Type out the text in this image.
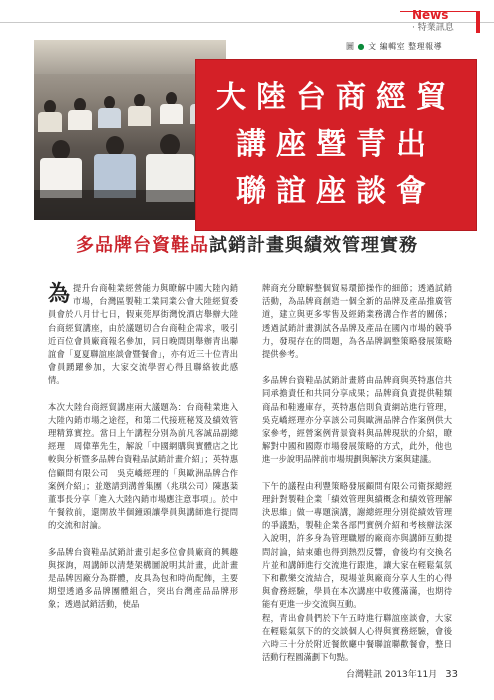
News
‧ 特業訊息
圖 ● 文 編輯室 整理報導
大陸台商經貿
講座暨青出
聯誼座談會
多品牌台資鞋品試銷計畫與績效管理實務

為提升台商鞋業經營能力與瞭解中國大陸內銷市場，台灣區製鞋工業同業公會大陸經貿委員會於八月廿七日，假東莞厚街灣悅酒店舉辦大陸台商經貿講座，由於議題切合台商鞋企需求，吸引近百位會員廠商報名參加，同日晚間則舉辦青出聯誼會「夏夏聯誼座談會暨餐會」，亦有近三十位青出會員踴躍參加，大家交流學習心得且聯絡彼此感情。

本次大陸台商經貿講座兩大議題為：台商鞋業進入大陸內銷市場之途徑，和第二代接班秘笈及績效管理精算實控。當日上午講程分別為前凡客誠品副總經理　周偉華先生，解說「中國網購與實體店之比較與分析暨多品牌台資鞋品試銷計畫介紹」；英特惠信顧問有限公司　吳克嶠經理的「與歐洲品牌合作案例介紹」；並邀請到溝普集團（兆琪公司）陳惠棻董事長分享「進入大陸內銷市場應注意事項」。於中午餐敘前，還開放半個鐘頭讓學員與講師進行提問的交流和討論。

多品牌台資鞋品試銷計畫引起多位會員廠商的興趣與探詢，周講師以清楚架構圖說明其計畫，此計畫是品牌因廠分為群體，皮具為包和時尚配飾，主要期望透過多品牌團體組合，突出台灣產品品牌形象；透過試銷活動，使品

牌商充分瞭解整個貿易環節操作的細節；透過試銷活動，為品牌商創造一個全新的品牌及產品推廣管道，建立與更多零售及經銷業務溝合作者的關係；透過試銷計畫測試各品牌及產品在國內市場的競爭力，發現存在的問題，為各品牌調整策略發展策略提供參考。

多品牌台資鞋品試銷計畫將由品牌商與英特惠信共同承擔責任和共同分享成果；品牌商負責提供鞋類商品和鞋邊庫存，英特惠信則負責網站進行管理，吳克嶠經理亦分享該公司與歐洲品牌合作案例供大家參考，經營案例背景資料與品牌現狀的介紹，瞭解對中國和國際市場發展策略的方式，此外，他也進一步說明品牌前市場規劃與解決方案與建議。

下午的議程由利豐策略發展顧問有限公司衛探總經理針對製鞋企業「績效管理與績概念和績效管理解決思維」做一專題演講，謝總經理分別從績效管理的爭議點，製鞋企業各部門實例介紹和考核辦法深入說明，許多身為管理職層的廠商亦與講師互動提問討論，結束雖也得到熱烈反響，會後均有交換名片並和講師進行交流進行跟進，讓大家在輕鬆氣氛下和歡樂交流結合，現場並與廠商分享人生的心得與會務經驗，學員在本次講座中收獲滿滿，也期待能有更進一步交流與互動。

程，青出會員們於下午五時進行聯誼座談會，大家在輕鬆氣氛下的的交談個人心得與實務經驗，會後六時三十分於附近餐飲廳中餐聯誼聯歡餐會，整日活動行程圓滿劃下句點。

台灣鞋訊 2013年11月 33
